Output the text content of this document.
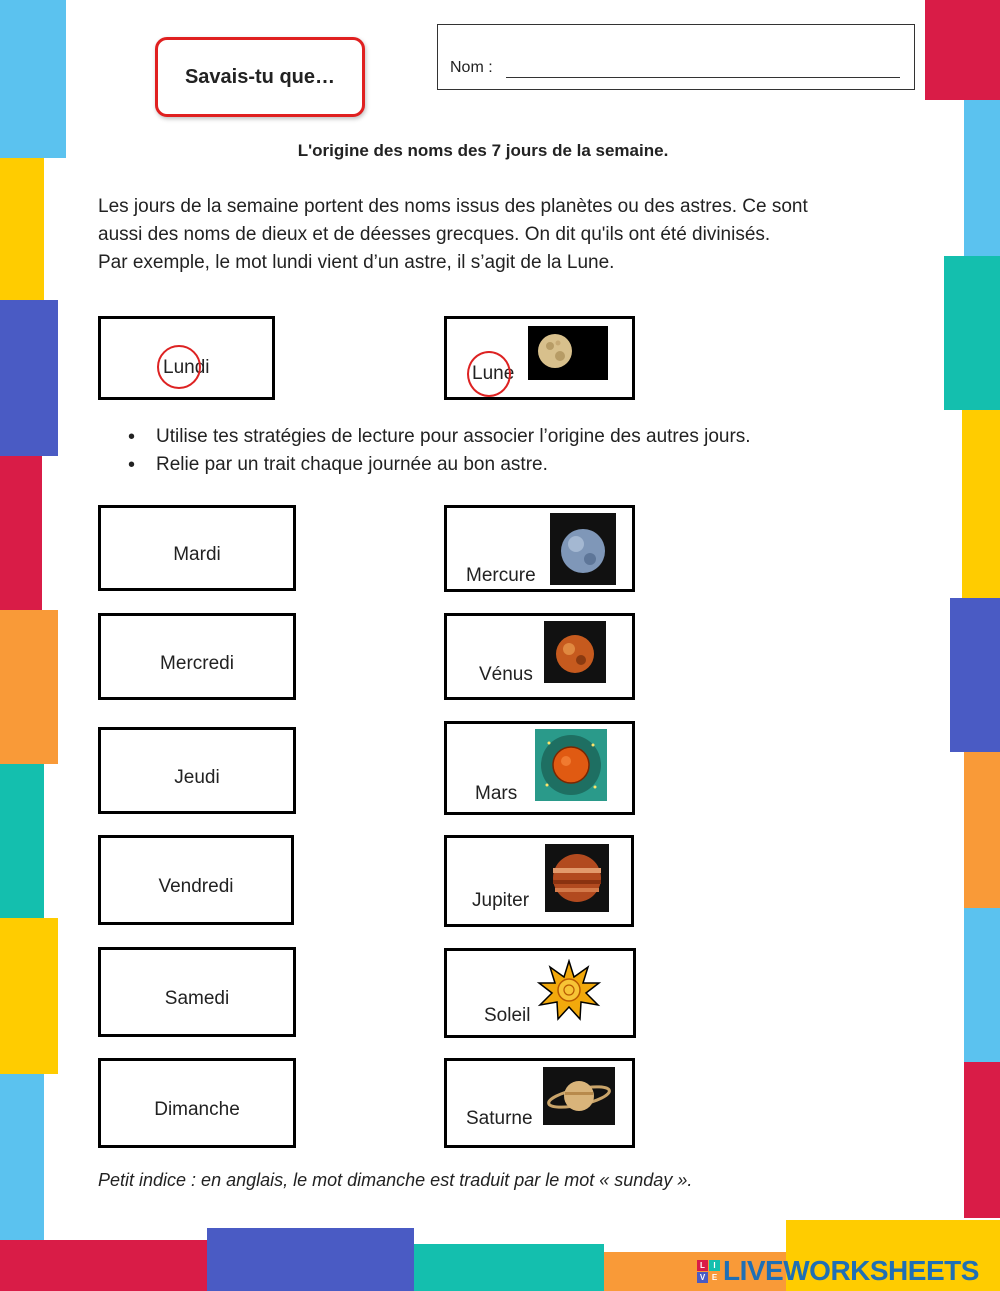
Savais-tu que…	Nom :
L'origine des noms des 7 jours de la semaine.
Les jours de la semaine portent des noms issus des planètes ou des astres. Ce sont
aussi des noms de dieux et de déesses grecques. On dit qu'ils ont été divinisés.
Par exemple, le mot lundi vient d’un astre, il s’agit de la Lune.
Lundi	Lune
• Utilise tes stratégies de lecture pour associer l’origine des autres jours.
• Relie par un trait chaque journée au bon astre.
Mardi
Mercredi
Jeudi
Vendredi
Samedi
Dimanche
Mercure
Vénus
Mars
Jupiter
Soleil
Saturne
Petit indice : en anglais, le mot dimanche est traduit par le mot « sunday ».
L	I
V E LIVEWORKSHEETS
